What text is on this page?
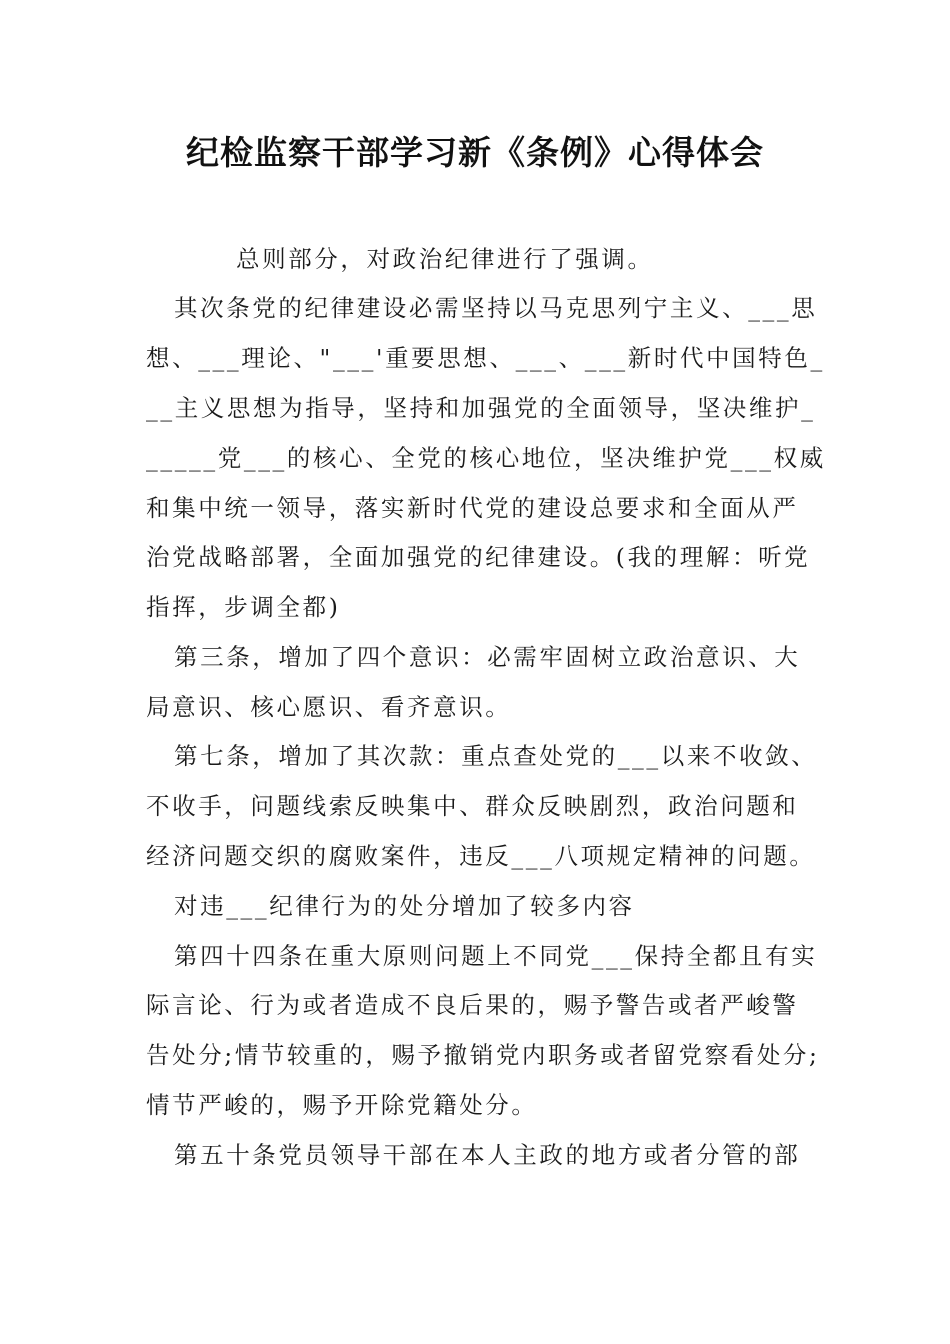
纪检监察干部学习新《条例》心得体会
总则部分，对政治纪律进行了强调。
其次条党的纪律建设必需坚持以马克思列宁主义、___思
想、___理论、"___'重要思想、___、___新时代中国特色_
__主义思想为指导，坚持和加强党的全面领导，坚决维护_
_____党___的核心、全党的核心地位，坚决维护党___权威
和集中统一领导，落实新时代党的建设总要求和全面从严
治党战略部署，全面加强党的纪律建设。(我的理解：听党
指挥，步调全都)
第三条，增加了四个意识：必需牢固树立政治意识、大
局意识、核心愿识、看齐意识。
第七条，增加了其次款：重点查处党的___以来不收敛、
不收手，问题线索反映集中、群众反映剧烈，政治问题和
经济问题交织的腐败案件，违反___八项规定精神的问题。
对违___纪律行为的处分增加了较多内容
第四十四条在重大原则问题上不同党___保持全都且有实
际言论、行为或者造成不良后果的，赐予警告或者严峻警
告处分;情节较重的，赐予撤销党内职务或者留党察看处分;
情节严峻的，赐予开除党籍处分。
第五十条党员领导干部在本人主政的地方或者分管的部
